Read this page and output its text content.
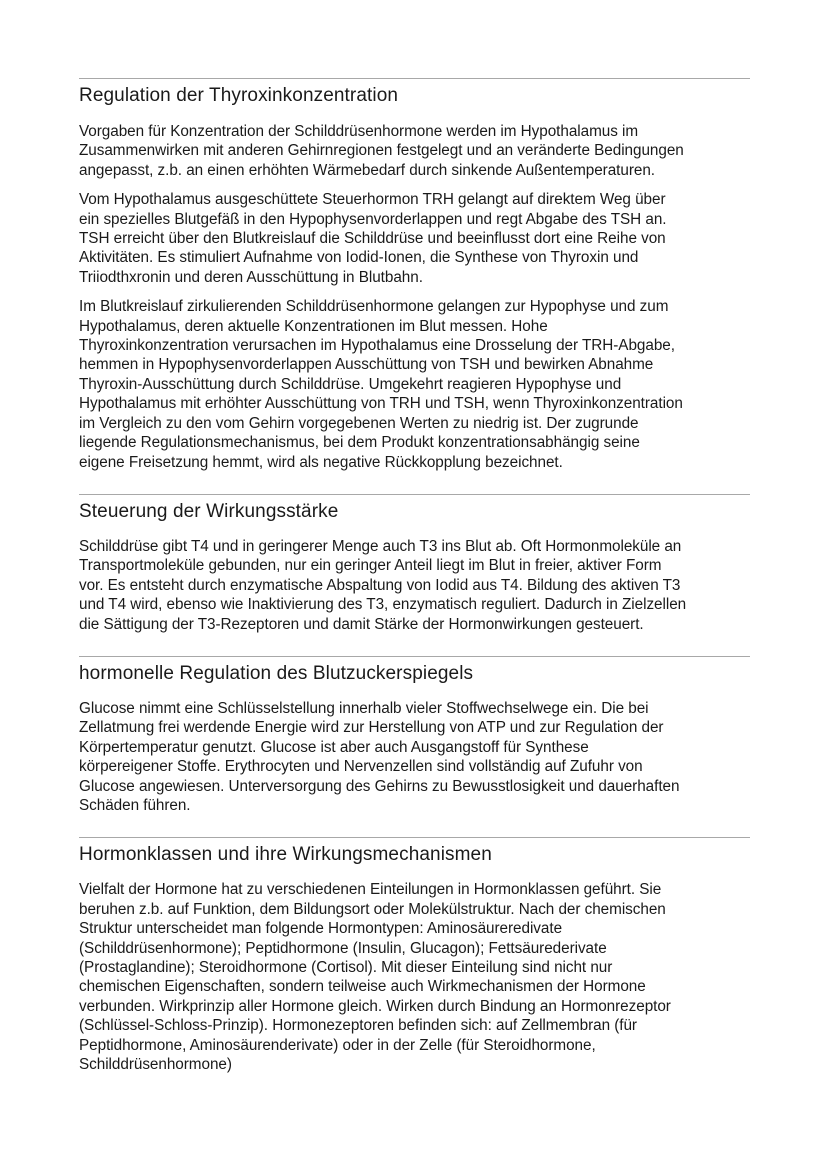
Regulation der Thyroxinkonzentration

Vorgaben für Konzentration der Schilddrüsenhormone werden im Hypothalamus im
Zusammenwirken mit anderen Gehirnregionen festgelegt und an veränderte Bedingungen
angepasst, z.b. an einen erhöhten Wärmebedarf durch sinkende Außentemperaturen.

Vom Hypothalamus ausgeschüttete Steuerhormon TRH gelangt auf direktem Weg über
ein spezielles Blutgefäß in den Hypophysenvorderlappen und regt Abgabe des TSH an.
TSH erreicht über den Blutkreislauf die Schilddrüse und beeinflusst dort eine Reihe von
Aktivitäten. Es stimuliert Aufnahme von Iodid-Ionen, die Synthese von Thyroxin und
Triiodthxronin und deren Ausschüttung in Blutbahn.

Im Blutkreislauf zirkulierenden Schilddrüsenhormone gelangen zur Hypophyse und zum
Hypothalamus, deren aktuelle Konzentrationen im Blut messen. Hohe
Thyroxinkonzentration verursachen im Hypothalamus eine Drosselung der TRH-Abgabe,
hemmen in Hypophysenvorderlappen Ausschüttung von TSH und bewirken Abnahme
Thyroxin-Ausschüttung durch Schilddrüse. Umgekehrt reagieren Hypophyse und
Hypothalamus mit erhöhter Ausschüttung von TRH und TSH, wenn Thyroxinkonzentration
im Vergleich zu den vom Gehirn vorgegebenen Werten zu niedrig ist. Der zugrunde
liegende Regulationsmechanismus, bei dem Produkt konzentrationsabhängig seine
eigene Freisetzung hemmt, wird als negative Rückkopplung bezeichnet.

Steuerung der Wirkungsstärke

Schilddrüse gibt T4 und in geringerer Menge auch T3 ins Blut ab. Oft Hormonmoleküle an
Transportmoleküle gebunden, nur ein geringer Anteil liegt im Blut in freier, aktiver Form
vor. Es entsteht durch enzymatische Abspaltung von Iodid aus T4. Bildung des aktiven T3
und T4 wird, ebenso wie Inaktivierung des T3, enzymatisch reguliert. Dadurch in Zielzellen
die Sättigung der T3-Rezeptoren und damit Stärke der Hormonwirkungen gesteuert.

hormonelle Regulation des Blutzuckerspiegels

Glucose nimmt eine Schlüsselstellung innerhalb vieler Stoffwechselwege ein. Die bei
Zellatmung frei werdende Energie wird zur Herstellung von ATP und zur Regulation der
Körpertemperatur genutzt. Glucose ist aber auch Ausgangstoff für Synthese
körpereigener Stoffe. Erythrocyten und Nervenzellen sind vollständig auf Zufuhr von
Glucose angewiesen. Unterversorgung des Gehirns zu Bewusstlosigkeit und dauerhaften
Schäden führen.

Hormonklassen und ihre Wirkungsmechanismen

Vielfalt der Hormone hat zu verschiedenen Einteilungen in Hormonklassen geführt. Sie
beruhen z.b. auf Funktion, dem Bildungsort oder Molekülstruktur. Nach der chemischen
Struktur unterscheidet man folgende Hormontypen: Aminosäureredivate
(Schilddrüsenhormone); Peptidhormone (Insulin, Glucagon); Fettsäurederivate
(Prostaglandine); Steroidhormone (Cortisol). Mit dieser Einteilung sind nicht nur
chemischen Eigenschaften, sondern teilweise auch Wirkmechanismen der Hormone
verbunden. Wirkprinzip aller Hormone gleich. Wirken durch Bindung an Hormonrezeptor
(Schlüssel-Schloss-Prinzip). Hormonezeptoren befinden sich: auf Zellmembran (für
Peptidhormone, Aminosäurenderivate) oder in der Zelle (für Steroidhormone,
Schilddrüsenhormone)
